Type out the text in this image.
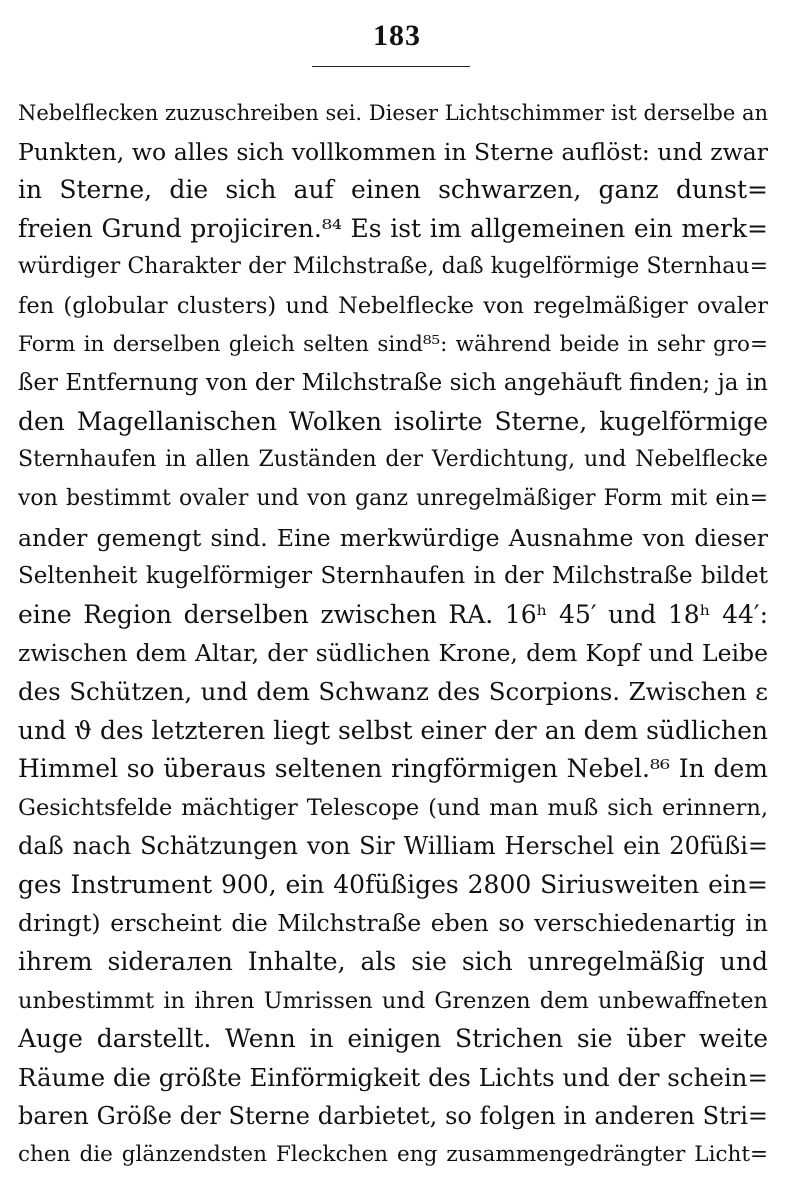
183
Nebelflecken zuzuschreiben sei. Dieser Lichtschimmer ist derselbe an
Punkten, wo alles sich vollkommen in Sterne auflöst: und zwar
in Sterne, die sich auf einen schwarzen, ganz dunst=
freien Grund projiciren.⁸⁴ Es ist im allgemeinen ein merk=
würdiger Charakter der Milchstraße, daß kugelförmige Sternhau=
fen (globular clusters) und Nebelflecke von regelmäßiger ovaler
Form in derselben gleich selten sind⁸⁵: während beide in sehr gro=
ßer Entfernung von der Milchstraße sich angehäuft finden; ja in
den Magellanischen Wolken isolirte Sterne, kugelförmige
Sternhaufen in allen Zuständen der Verdichtung, und Nebelflecke
von bestimmt ovaler und von ganz unregelmäßiger Form mit ein=
ander gemengt sind. Eine merkwürdige Ausnahme von dieser
Seltenheit kugelförmiger Sternhaufen in der Milchstraße bildet
eine Region derselben zwischen RA. 16ʰ 45′ und 18ʰ 44′:
zwischen dem Altar, der südlichen Krone, dem Kopf und Leibe
des Schützen, und dem Schwanz des Scorpions. Zwischen ε
und ϑ des letzteren liegt selbst einer der an dem südlichen
Himmel so überaus seltenen ringförmigen Nebel.⁸⁶ In dem
Gesichtsfelde mächtiger Telescope (und man muß sich erinnern,
daß nach Schätzungen von Sir William Herschel ein 20füßi=
ges Instrument 900, ein 40füßiges 2800 Siriusweiten ein=
dringt) erscheint die Milchstraße eben so verschiedenartig in
ihrem siderалen Inhalte, als sie sich unregelmäßig und
unbestimmt in ihren Umrissen und Grenzen dem unbewaffneten
Auge darstellt. Wenn in einigen Strichen sie über weite
Räume die größte Einförmigkeit des Lichts und der schein=
baren Größe der Sterne darbietet, so folgen in anderen Stri=
chen die glänzendsten Fleckchen eng zusammengedrängter Licht=
